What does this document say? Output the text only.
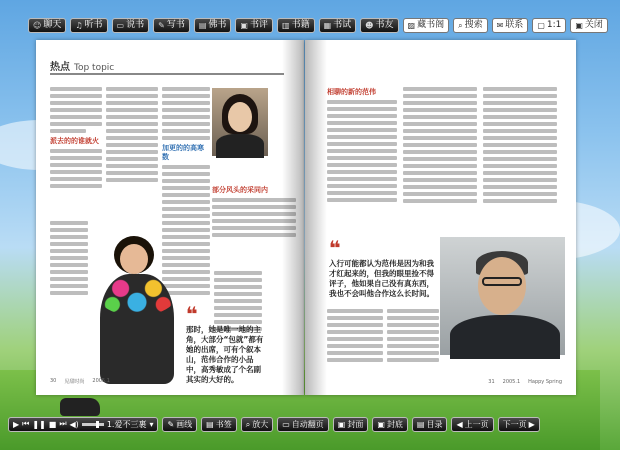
☺ 聊天 ♫ 听书 ▭ 说书 ✎ 写书 ▤ 佛书 ▣ 书评 ▥ 书籍 ▦ 书试 ☻ 书友 ▨ 藏书阁 ⌕ 搜索 ✉ 联系 ▢ 1:1 ▣ 关闭
热点 Top topic
派去的的谁就火
加更的的高寒数
部分风头的采同内
❝
那时，她是唯一地的主角，大部分“包就”都有她的出席，可有个叙本山，范伟合作的小品中，高秀敏成了个名副其实的大好的。
30 见甜时尚 2005.1
相聊的新的范伟
❝
入行可能都认为范伟是因为和我才红起来的，但我的眼里捡不得评子，他如果自己没有真东西，我也不会叫他合作这么长时间。
31 2005.1 Happy Spring
▶ ⏮ ❚❚ ■ ⏭ ◀)	1.爱不三裹 ▾ ✎ 画线 ▤ 书签 ⌕ 放大 ▭ 自动翻页 ▣ 封面 ▣ 封底 ▤ 目录 ◀ 上一页 下一页 ▶
